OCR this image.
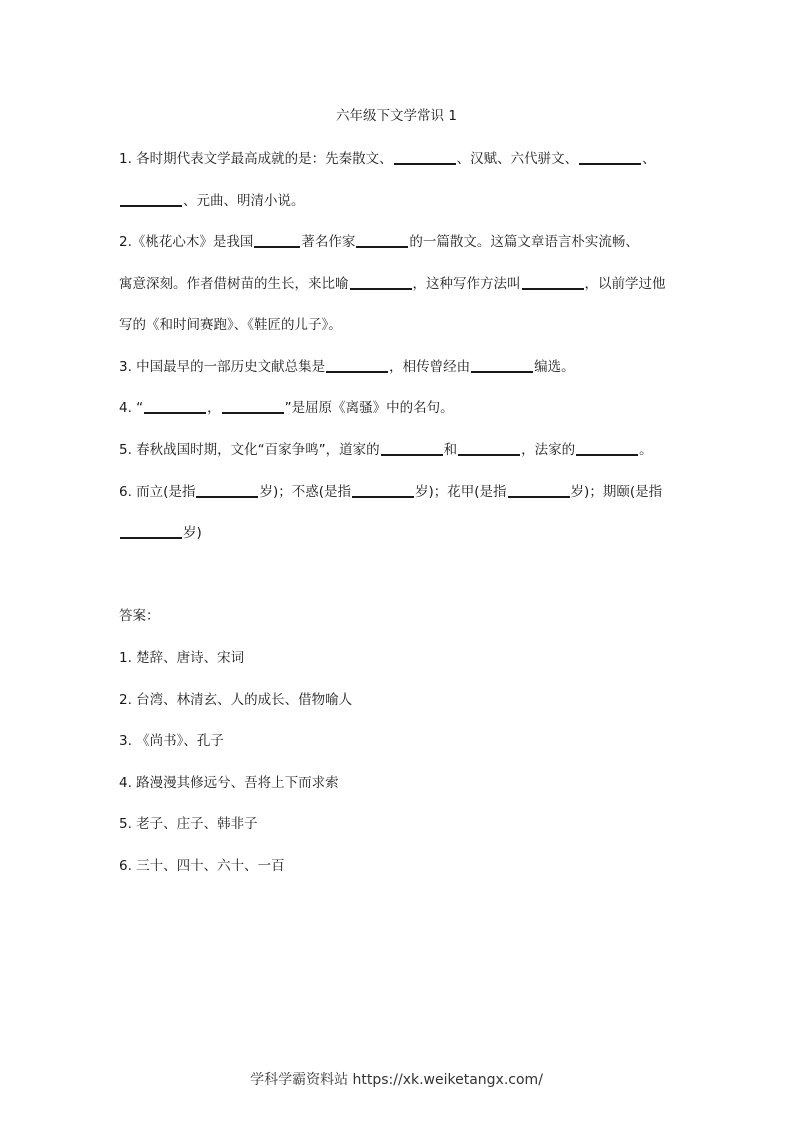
六年级下文学常识 1
1. 各时期代表文学最高成就的是：先秦散文、	、汉赋、六代骈文、	、
、元曲、明清小说。
2.《桃花心木》是我国	著名作家	的一篇散文。这篇文章语言朴实流畅、
寓意深刻。作者借树苗的生长，来比喻	，这种写作方法叫	，以前学过他
写的《和时间赛跑》、《鞋匠的儿子》。
3. 中国最早的一部历史文献总集是	，相传曾经由	编选。
4. “	，	”是屈原《离骚》中的名句。
5. 春秋战国时期，文化“百家争鸣”，道家的	和	，法家的	。
6. 而立(是指	岁)；不惑(是指	岁)；花甲(是指	岁)；期颐(是指
岁)
答案：
1. 楚辞、唐诗、宋词
2. 台湾、林清玄、人的成长、借物喻人
3. 《尚书》、孔子
4. 路漫漫其修远兮、吾将上下而求索
5. 老子、庄子、韩非子
6. 三十、四十、六十、一百
学科学霸资料站 https://xk.weiketangx.com/
